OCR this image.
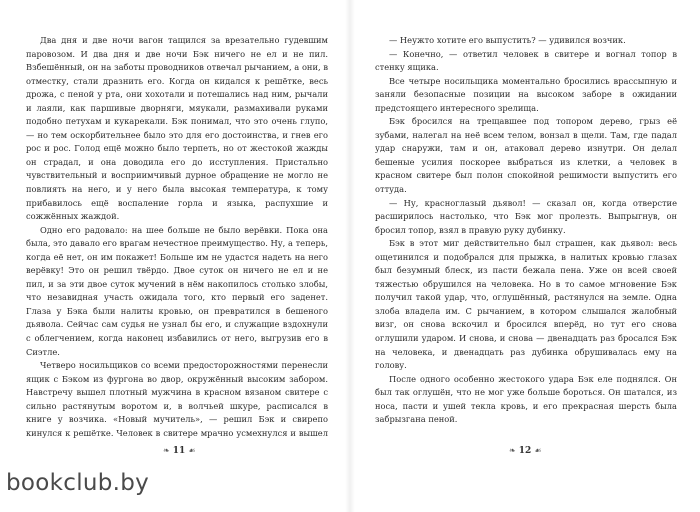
Два дня и две ночи вагон тащился за врезательно гудевшим паровозом. И два дня и две ночи Бэк ничего не ел и не пил. Взбешённый, он на заботы проводников отвечал рычанием, а они, в отместку, стали дразнить его. Когда он кидался к решётке, весь дрожа, с пеной у рта, они хохотали и потешались над ним, рычали и лаяли, как паршивые дворняги, мяукали, размахивали руками подобно петухам и кукарекали. Бэк понимал, что это очень глупо, — но тем оскорбительнее было это для его достоинства, и гнев его рос и рос. Голод ещё можно было терпеть, но от жестокой жажды он страдал, и она доводила его до исступления. Пристально чувствительный и восприимчивый дурное обращение не могло не повлиять на него, и у него была высокая температура, к тому прибавилось ещё воспаление горла и языка, распухшие и сожжённых жаждой.

Одно его радовало: на шее больше не было верёвки. Пока она была, это давало его врагам нечестное преимущество. Ну, а теперь, когда её нет, он им покажет! Больше им не удастся надеть на него верёвку! Это он решил твёрдо. Двое суток он ничего не ел и не пил, и за эти двое суток мучений в нём накопилось столько злобы, что незавидная участь ожидала того, кто первый его заденет. Глаза у Бэка были налиты кровью, он превратился в бешеного дьявола. Сейчас сам судья не узнал бы его, и служащие вздохнули с облегчением, когда наконец избавились от него, выгрузив его в Сиэтле.

Четверо носильщиков со всеми предосторожностями перенесли ящик с Бэком из фургона во двор, окружённый высоким забором. Навстречу вышел плотный мужчина в красном вязаном свитере с сильно растянутым воротом и, в волчьей шкуре, расписался в книге у возчика. «Новый мучитель», — решил Бэк и свирепо кинулся к решётке. Человек в свитере мрачно усмехнулся и вышел

— Неужто хотите его выпустить? — удивился возчик.

— Конечно, — ответил человек в свитере и вогнал топор в стенку ящика.

Все четыре носильщика моментально бросились врассыпную и заняли безопасные позиции на высоком заборе в ожидании предстоящего интересного зрелища.

Бэк бросился на трещавшее под топором дерево, грыз её зубами, налегал на неё всем телом, вонзал в щели. Там, где падал удар снаружи, там и он, атаковал дерево изнутри. Он делал бешеные усилия поскорее выбраться из клетки, а человек в красном свитере был полон спокойной решимости выпустить его оттуда.

— Ну, красноглазый дьявол! — сказал он, когда отверстие расширилось настолько, что Бэк мог пролезть. Выпрыгнув, он бросил топор, взял в правую руку дубинку.

Бэк в этот миг действительно был страшен, как дьявол: весь ощетинился и подобрался для прыжка, в налитых кровью глазах был безумный блеск, из пасти бежала пена. Уже он всей своей тяжестью обрушился на человека. Но в то самое мгновение Бэк получил такой удар, что, оглушённый, растянулся на земле. Одна злоба владела им. С рычанием, в котором слышался жалобный визг, он снова вскочил и бросился вперёд, но тут его снова оглушили ударом. И снова, и снова — двенадцать раз бросался Бэк на человека, и двенадцать раз дубинка обрушивалась ему на голову.

После одного особенно жестокого удара Бэк еле поднялся. Он был так оглушён, что не мог уже больше бороться. Он шатался, из носа, пасти и ушей текла кровь, и его прекрасная шерсть была забрызгана пеной.

❧ 11 ☙	❧ 12 ☙
bookclub.by
